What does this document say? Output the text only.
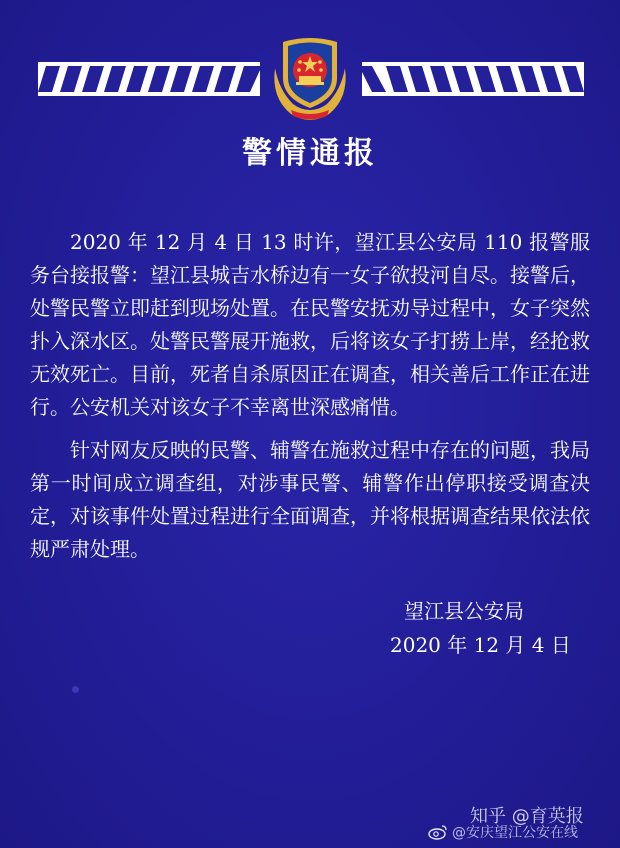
警情通报

2020 年 12 月 4 日 13 时许，望江县公安局 110 报警服务台接报警：望江县城吉水桥边有一女子欲投河自尽。接警后，处警民警立即赶到现场处置。在民警安抚劝导过程中，女子突然扑入深水区。处警民警展开施救，后将该女子打捞上岸，经抢救无效死亡。目前，死者自杀原因正在调查，相关善后工作正在进行。公安机关对该女子不幸离世深感痛惜。

针对网友反映的民警、辅警在施救过程中存在的问题，我局第一时间成立调查组，对涉事民警、辅警作出停职接受调查决定，对该事件处置过程进行全面调查，并将根据调查结果依法依规严肃处理。

望江县公安局
2020 年 12 月 4 日
知乎 @育英报
@安庆望江公安在线
